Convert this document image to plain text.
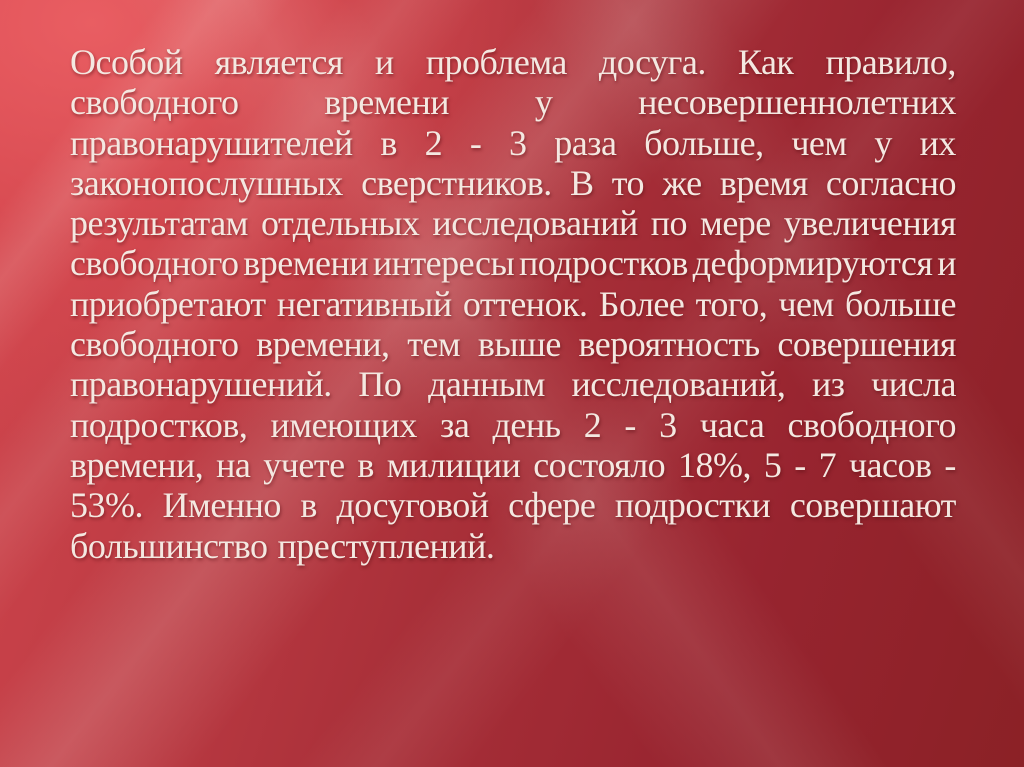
Особой является и проблема досуга. Как правило,
свободного времени у несовершеннолетних
правонарушителей в 2 - 3 раза больше, чем у их
законопослушных сверстников. В то же время согласно
результатам отдельных исследований по мере увеличения
свободного времени интересы подростков деформируются и
приобретают негативный оттенок. Более того, чем больше
свободного времени, тем выше вероятность совершения
правонарушений. По данным исследований, из числа
подростков, имеющих за день 2 - 3 часа свободного
времени, на учете в милиции состояло 18%, 5 - 7 часов -
53%. Именно в досуговой сфере подростки совершают
большинство преступлений.
